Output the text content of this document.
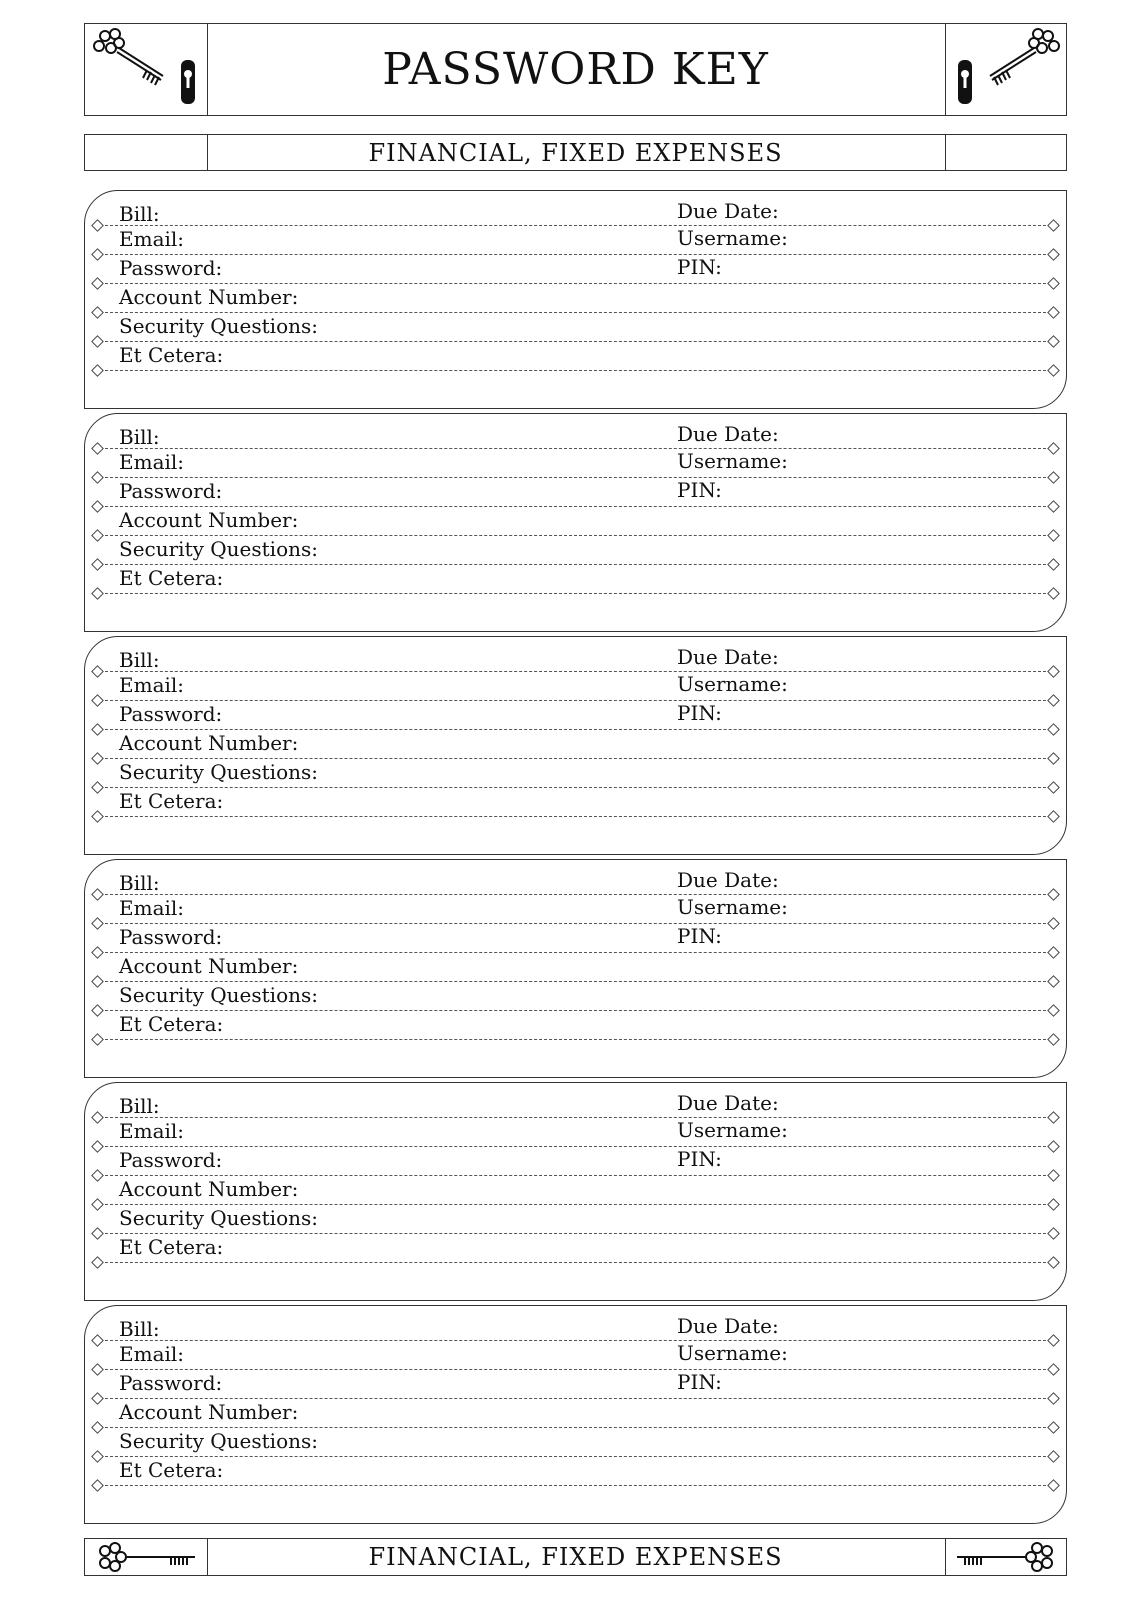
PASSWORD KEY
FINANCIAL, FIXED EXPENSES
Bill:
Email:
Password:
Account Number:
Security Questions:
Et Cetera:
Due Date:
Username:
PIN:
Bill:
Email:
Password:
Account Number:
Security Questions:
Et Cetera:
Due Date:
Username:
PIN:
Bill:
Email:
Password:
Account Number:
Security Questions:
Et Cetera:
Due Date:
Username:
PIN:
Bill:
Email:
Password:
Account Number:
Security Questions:
Et Cetera:
Due Date:
Username:
PIN:
Bill:
Email:
Password:
Account Number:
Security Questions:
Et Cetera:
Due Date:
Username:
PIN:
Bill:
Email:
Password:
Account Number:
Security Questions:
Et Cetera:
Due Date:
Username:
PIN:
FINANCIAL, FIXED EXPENSES
